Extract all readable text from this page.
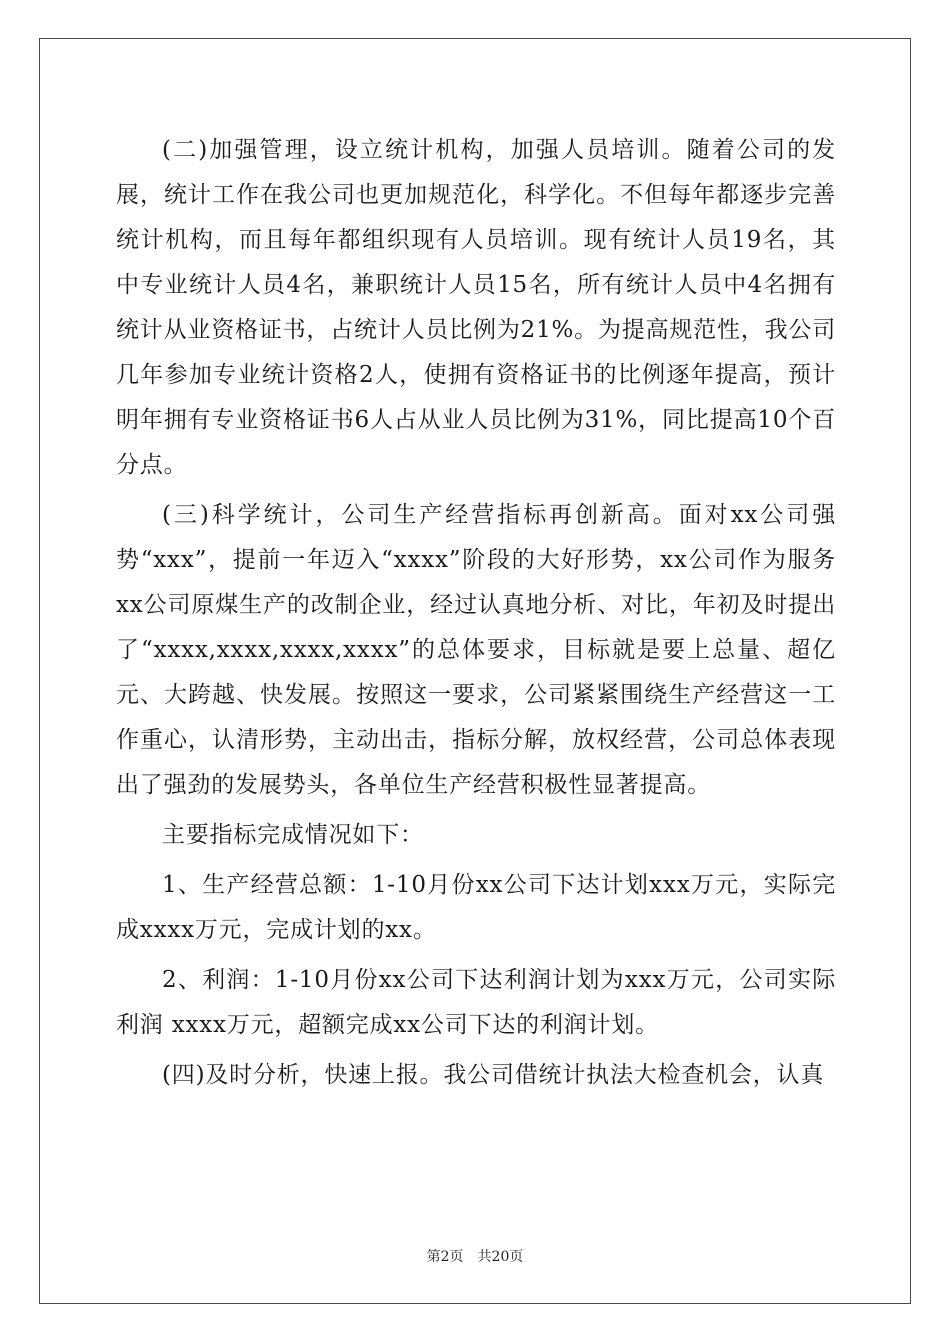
(二)加强管理，设立统计机构，加强人员培训。随着公司的发展，统计工作在我公司也更加规范化，科学化。不但每年都逐步完善统计机构，而且每年都组织现有人员培训。现有统计人员19名，其中专业统计人员4名，兼职统计人员15名，所有统计人员中4名拥有统计从业资格证书，占统计人员比例为21%。为提高规范性，我公司几年参加专业统计资格2人，使拥有资格证书的比例逐年提高，预计明年拥有专业资格证书6人占从业人员比例为31%，同比提高10个百分点。

(三)科学统计，公司生产经营指标再创新高。面对xx公司强势“xxx”，提前一年迈入“xxxx”阶段的大好形势，xx公司作为服务xx公司原煤生产的改制企业，经过认真地分析、对比，年初及时提出了“xxxx,xxxx,xxxx,xxxx”的总体要求，目标就是要上总量、超亿元、大跨越、快发展。按照这一要求，公司紧紧围绕生产经营这一工作重心，认清形势，主动出击，指标分解，放权经营，公司总体表现出了强劲的发展势头，各单位生产经营积极性显著提高。

主要指标完成情况如下：

1、生产经营总额：1-10月份xx公司下达计划xxx万元，实际完成xxxx万元，完成计划的xx。

2、利润：1-10月份xx公司下达利润计划为xxx万元，公司实际利润 xxxx万元，超额完成xx公司下达的利润计划。

(四)及时分析，快速上报。我公司借统计执法大检查机会，认真

第2页　共20页
